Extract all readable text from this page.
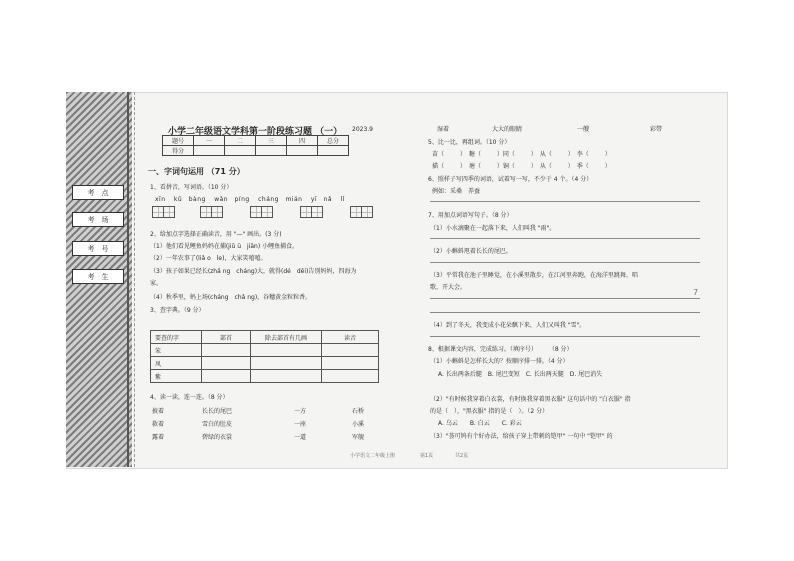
考　点
考　场
考　号
考　生
小学二年级语文学科第一阶段练习题 （一） 2023.9
题号	一	二	三	四	总分
得分					
一、字词句运用 （71 分）
1、看拼音，写词语。（10 分）
xīn kǔ　bàng wǎn　píng cháng　mián yī　nǎ lǐ
2、给加点字选择正确读音，用 "—" 画出。(3 分)
（1）他们看见鲤鱼妈妈在捕(jiǔ ü　jiān) 小鲤鱼捕食。
（2）一年农事了(liǎ o　le)，大家笑嘻嘻。
（3）孩子如果已经长(zhǎ ng　cháng)大，就得(dé　děi)告别妈妈，四海为
家。
（4）秋季里，蚂上场(cháng　chǎ ng)，谷穗黄金粒粒香。
3、查字典。（9 分）
要查的字	部首	除去部首有几画	读音
笨			
凤			
紫			
4、读一读，连一连。（8 分）
披着	长长的尾巴	一方	石桥
救着	雪白的肚皮	一座	小溪
露着	碧绿的衣裳	一道	军舰
湿着	大大的眼睛	一艘	彩带
5、比一比，再组词。（10 分）
苗（	）　糖（	）同（	）　从（	）　李（	）
描（	）　塘（	）铜（	）　从（	）　季（	）
6、照样子写四季的词语，试着写一写，不少于 4 个。（4 分）
例如：采桑　养蚕
7、用加点词语写句子。（8 分）
（1）小水滴聚在一起落下来，人们叫我 "雨"。
（2）小蝌蚪甩着长长的尾巴。
（3）平常我在池子里睡觉，在小溪里散步，在江河里奔跑，在海洋里跳舞、唱
歌、开大会。
（4）到了冬天，我变成小花朵飘下来，人们又叫我 "雪"。
8、根据课文内容，完成练习。（填序号）　　　（8 分）
（1）小蝌蚪是怎样长大的？按顺序排一排。（4 分）
A. 长出两条后腿　B. 尾巴变短　C. 长出两天腿　D. 尾巴消失
（2）"有时候我穿着白衣裳，有时换我穿着黑衣服" 这句话中的 "白衣服" 指
的是（　），"黑衣服" 指的是（　）。（2 分）
A. 乌云　　B. 白云　　C. 彩云
（3）"荟可鸠有个好办法，给孩子穿上带刺的铠甲" 一句中 "铠甲" 的
7
小学语文二年级上册	第1页	共2页
